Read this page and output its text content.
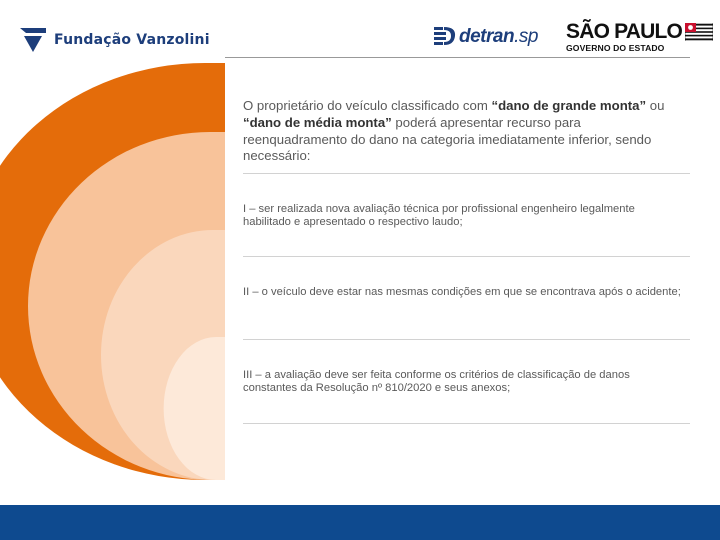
Fundação Vanzolini	detran.sp SÃO PAULO
GOVERNO DO ESTADO
O proprietário do veículo classificado com “dano de grande monta” ou “dano de média monta” poderá apresentar recurso para reenquadramento do dano na categoria imediatamente inferior, sendo necessário:
I – ser realizada nova avaliação técnica por profissional engenheiro legalmente habilitado e apresentado o respectivo laudo;
II – o veículo deve estar nas mesmas condições em que se encontrava após o acidente;
III – a avaliação deve ser feita conforme os critérios de classificação de danos constantes da Resolução nº 810/2020 e seus anexos;
